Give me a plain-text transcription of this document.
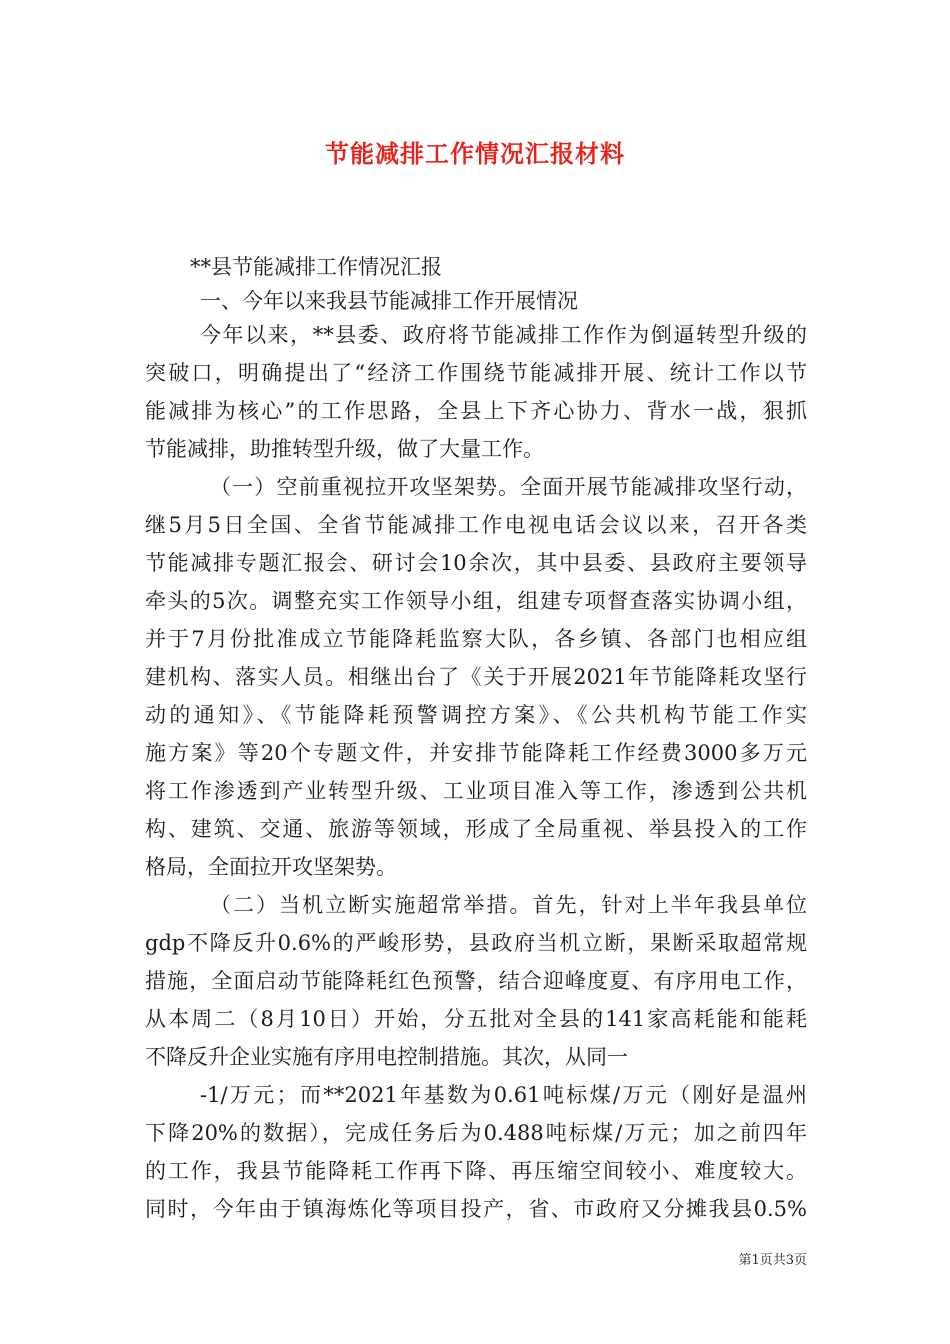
节能减排工作情况汇报材料
**县节能减排工作情况汇报
一、今年以来我县节能减排工作开展情况
今年以来，**县委、政府将节能减排工作作为倒逼转型升级的
突破口，明确提出了“经济工作围绕节能减排开展、统计工作以节
能减排为核心”的工作思路，全县上下齐心协力、背水一战，狠抓
节能减排，助推转型升级，做了大量工作。
（一）空前重视拉开攻坚架势。全面开展节能减排攻坚行动，
继5月5日全国、全省节能减排工作电视电话会议以来，召开各类
节能减排专题汇报会、研讨会10余次，其中县委、县政府主要领导
牵头的5次。调整充实工作领导小组，组建专项督查落实协调小组，
并于7月份批准成立节能降耗监察大队，各乡镇、各部门也相应组
建机构、落实人员。相继出台了《关于开展2021年节能降耗攻坚行
动的通知》、《节能降耗预警调控方案》、《公共机构节能工作实
施方案》等20个专题文件，并安排节能降耗工作经费3000多万元
将工作渗透到产业转型升级、工业项目准入等工作，渗透到公共机
构、建筑、交通、旅游等领域，形成了全局重视、举县投入的工作
格局，全面拉开攻坚架势。
（二）当机立断实施超常举措。首先，针对上半年我县单位
gdp不降反升0.6%的严峻形势，县政府当机立断，果断采取超常规
措施，全面启动节能降耗红色预警，结合迎峰度夏、有序用电工作，
从本周二（8月10日）开始，分五批对全县的141家高耗能和能耗
不降反升企业实施有序用电控制措施。其次，从同一
-1/万元；而**2021年基数为0.61吨标煤/万元（刚好是温州
下降20%的数据），完成任务后为0.488吨标煤/万元；加之前四年
的工作，我县节能降耗工作再下降、再压缩空间较小、难度较大。
同时，今年由于镇海炼化等项目投产，省、市政府又分摊我县0.5%
第1页共3页
